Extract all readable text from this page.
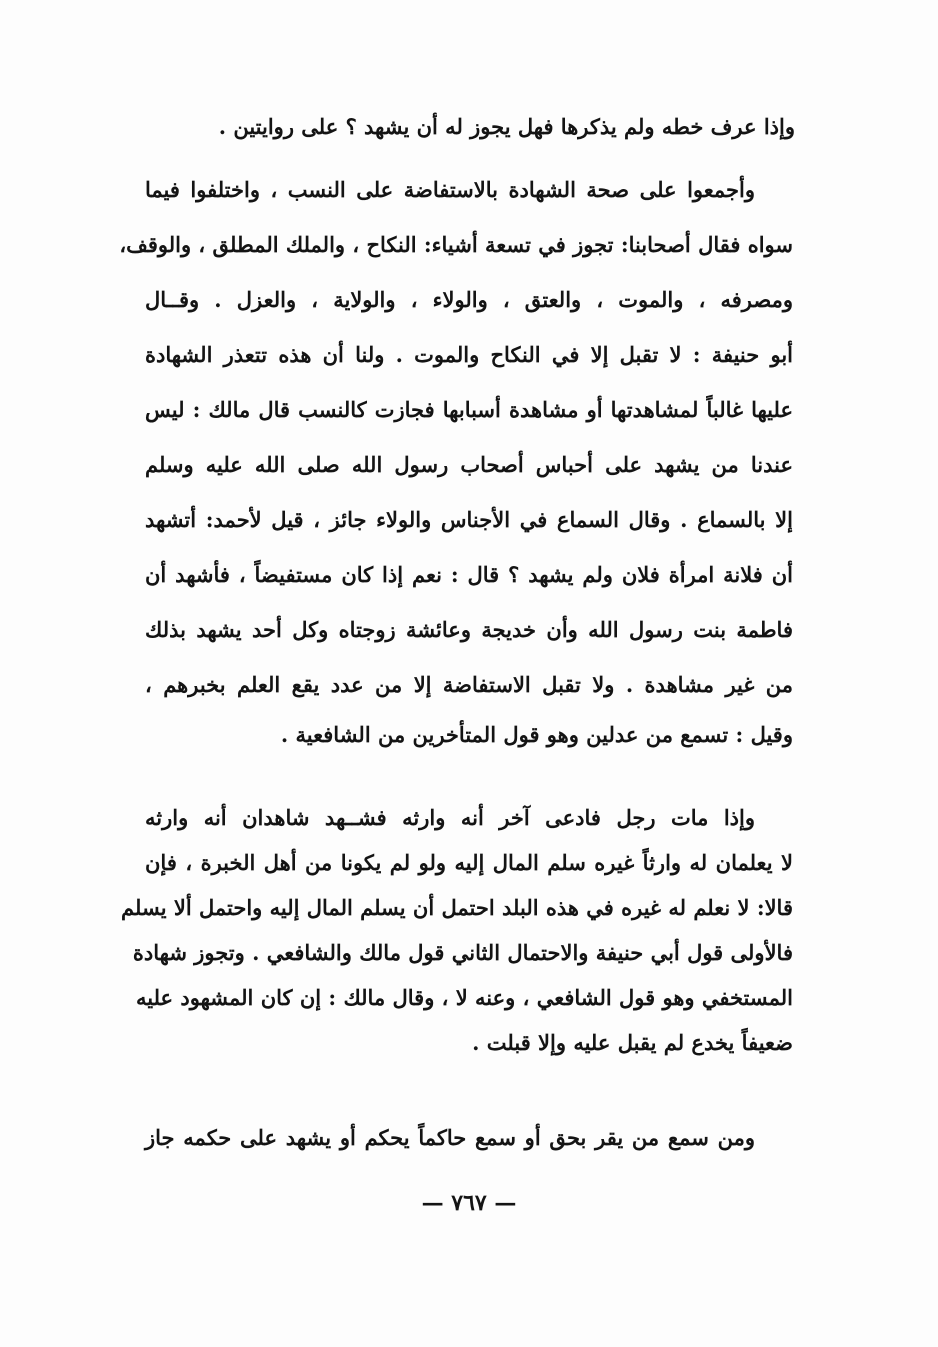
وإذا عرف خطه ولم يذكرها فهل يجوز له أن يشهد ؟ على روايتين .
وأجمعوا على صحة الشهادة بالاستفاضة على النسب ، واختلفوا فيما
سواه فقال أصحابنا: تجوز في تسعة أشياء: النكاح ، والملك المطلق ، والوقف،
ومصرفه ، والموت ، والعتق ، والولاء ، والولاية ، والعزل . وقــال
أبو حنيفة : لا تقبل إلا في النكاح والموت . ولنا أن هذه تتعذر الشهادة
عليها غالباً لمشاهدتها أو مشاهدة أسبابها فجازت كالنسب قال مالك : ليس
عندنا من يشهد على أحباس أصحاب رسول الله صلى الله عليه وسلم
إلا بالسماع . وقال السماع في الأجناس والولاء جائز ، قيل لأحمد: أتشهد
أن فلانة امرأة فلان ولم يشهد ؟ قال : نعم إذا كان مستفيضاً ، فأشهد أن
فاطمة بنت رسول الله وأن خديجة وعائشة زوجتاه وكل أحد يشهد بذلك
من غير مشاهدة . ولا تقبل الاستفاضة إلا من عدد يقع العلم بخبرهم ،
وقيل : تسمع من عدلين وهو قول المتأخرين من الشافعية .
وإذا مات رجل فادعى آخر أنه وارثه فشــهد شاهدان أنه وارثه
لا يعلمان له وارثاً غيره سلم المال إليه ولو لم يكونا من أهل الخبرة ، فإن
قالا: لا نعلم له غيره في هذه البلد احتمل أن يسلم المال إليه واحتمل ألا يسلم
فالأولى قول أبي حنيفة والاحتمال الثاني قول مالك والشافعي . وتجوز شهادة
المستخفي وهو قول الشافعي ، وعنه لا ، وقال مالك : إن كان المشهود عليه
ضعيفاً يخدع لم يقبل عليه وإلا قبلت .
ومن سمع من يقر بحق أو سمع حاكماً يحكم أو يشهد على حكمه جاز
— ٧٦٧ —
